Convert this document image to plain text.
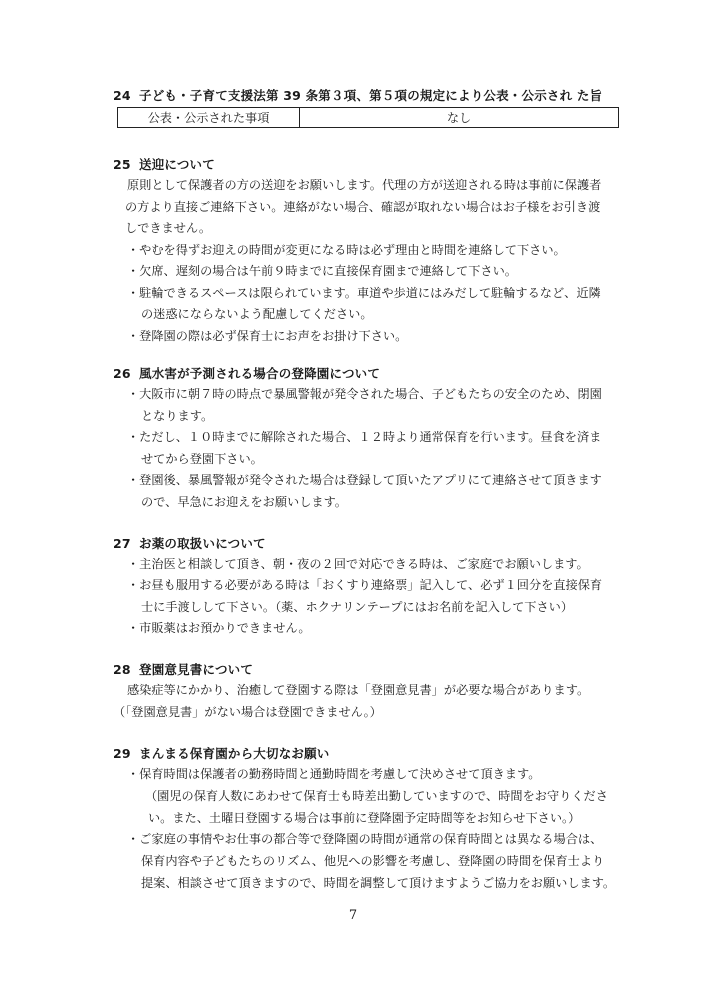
24 子ども・子育て支援法第 39 条第３項、第５項の規定により公表・公示され た旨
公表・公示された事項	なし
25 送迎について
原則として保護者の方の送迎をお願いします。代理の方が送迎される時は事前に保護者
の方より直接ご連絡下さい。連絡がない場合、確認が取れない場合はお子様をお引き渡
しできません。
・やむを得ずお迎えの時間が変更になる時は必ず理由と時間を連絡して下さい。
・欠席、遅刻の場合は午前９時までに直接保育園まで連絡して下さい。
・駐輪できるスペースは限られています。車道や歩道にはみだして駐輪するなど、近隣
の迷惑にならないよう配慮してください。
・登降園の際は必ず保育士にお声をお掛け下さい。
26 風水害が予測される場合の登降園について
・大阪市に朝７時の時点で暴風警報が発令された場合、子どもたちの安全のため、閉園
となります。
・ただし、１０時までに解除された場合、１２時より通常保育を行います。昼食を済ま
せてから登園下さい。
・登園後、暴風警報が発令された場合は登録して頂いたアプリにて連絡させて頂きます
ので、早急にお迎えをお願いします。
27 お薬の取扱いについて
・主治医と相談して頂き、朝・夜の２回で対応できる時は、ご家庭でお願いします。
・お昼も服用する必要がある時は「おくすり連絡票」記入して、必ず１回分を直接保育
士に手渡しして下さい。（薬、ホクナリンテープにはお名前を記入して下さい）
・市販薬はお預かりできません。
28 登園意見書について
感染症等にかかり、治癒して登園する際は「登園意見書」が必要な場合があります。
（「登園意見書」がない場合は登園できません。）
29 まんまる保育園から大切なお願い
・保育時間は保護者の勤務時間と通勤時間を考慮して決めさせて頂きます。
（園児の保育人数にあわせて保育士も時差出勤していますので、時間をお守りくださ
い。また、土曜日登園する場合は事前に登降園予定時間等をお知らせ下さい。）
・ご家庭の事情やお仕事の都合等で登降園の時間が通常の保育時間とは異なる場合は、
保育内容や子どもたちのリズム、他児への影響を考慮し、登降園の時間を保育士より
提案、相談させて頂きますので、時間を調整して頂けますようご協力をお願いします。
7
